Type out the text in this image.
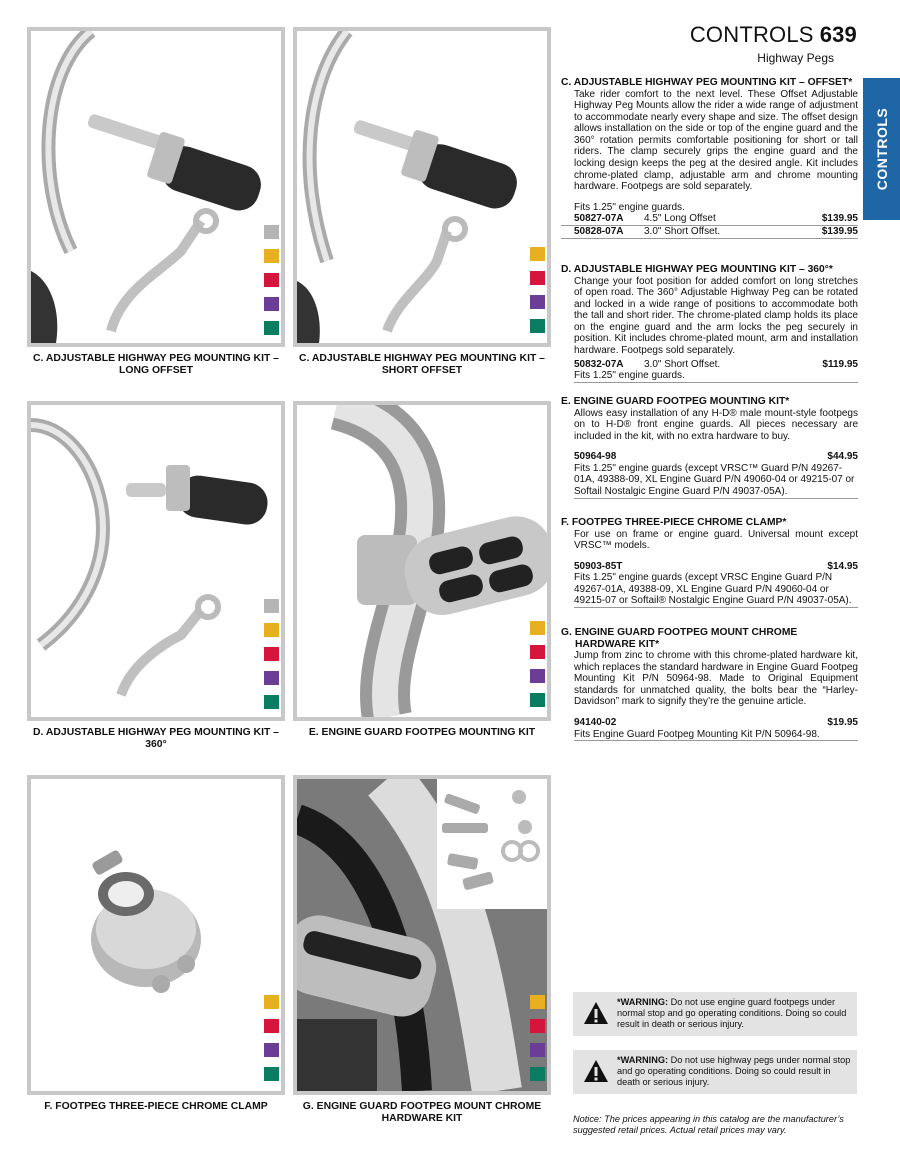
CONTROLS 639
Highway Pegs
CONTROLS
C. ADJUSTABLE HIGHWAY PEG MOUNTING KIT – LONG OFFSET
C. ADJUSTABLE HIGHWAY PEG MOUNTING KIT – SHORT OFFSET
D. ADJUSTABLE HIGHWAY PEG MOUNTING KIT – 360°
E. ENGINE GUARD FOOTPEG MOUNTING KIT
F. FOOTPEG THREE-PIECE CHROME CLAMP	G. ENGINE GUARD FOOTPEG MOUNT CHROME HARDWARE KIT
C. ADJUSTABLE HIGHWAY PEG MOUNTING KIT – OFFSET*
Take rider comfort to the next level. These Offset Adjustable Highway Peg Mounts allow the rider a wide range of adjustment to accommodate nearly every shape and size. The offset design allows installation on the side or top of the engine guard and the 360° rotation permits comfortable positioning for short or tall riders. The clamp securely grips the engine guard and the locking design keeps the peg at the desired angle. Kit includes chrome-plated clamp, adjustable arm and chrome mounting hardware. Footpegs are sold separately.
Fits 1.25" engine guards.
50827-07A	4.5" Long Offset	$139.95
50828-07A	3.0" Short Offset.	$139.95
D. ADJUSTABLE HIGHWAY PEG MOUNTING KIT – 360°*
Change your foot position for added comfort on long stretches of open road. The 360° Adjustable Highway Peg can be rotated and locked in a wide range of positions to accommodate both the tall and short rider. The chrome-plated clamp holds its place on the engine guard and the arm locks the peg securely in position. Kit includes chrome-plated mount, arm and installation hardware. Footpegs sold separately.
50832-07A	3.0" Short Offset.	$119.95
Fits 1.25" engine guards.
E. ENGINE GUARD FOOTPEG MOUNTING KIT*
Allows easy installation of any H-D® male mount-style footpegs on to H-D® front engine guards. All pieces necessary are included in the kit, with no extra hardware to buy.
50964-98	$44.95
Fits 1.25" engine guards (except VRSC™ Guard P/N 49267-01A, 49388-09, XL Engine Guard P/N 49060-04 or 49215-07 or Softail Nostalgic Engine Guard P/N 49037-05A).
F. FOOTPEG THREE-PIECE CHROME CLAMP*
For use on frame or engine guard. Universal mount except VRSC™ models.
50903-85T	$14.95
Fits 1.25" engine guards (except VRSC Engine Guard P/N 49267-01A, 49388-09, XL Engine Guard P/N 49060-04 or 49215-07 or Softail® Nostalgic Engine Guard P/N 49037-05A).
G. ENGINE GUARD FOOTPEG MOUNT CHROME HARDWARE KIT*
Jump from zinc to chrome with this chrome-plated hardware kit, which replaces the standard hardware in Engine Guard Footpeg Mounting Kit P/N 50964-98. Made to Original Equipment standards for unmatched quality, the bolts bear the “Harley-Davidson” mark to signify they’re the genuine article.
94140-02	$19.95
Fits Engine Guard Footpeg Mounting Kit P/N 50964-98.
*WARNING: Do not use engine guard footpegs under normal stop and go operating conditions. Doing so could result in death or serious injury.
*WARNING: Do not use highway pegs under normal stop and go operating conditions. Doing so could result in death or serious injury.
Notice: The prices appearing in this catalog are the manufacturer’s suggested retail prices. Actual retail prices may vary.
